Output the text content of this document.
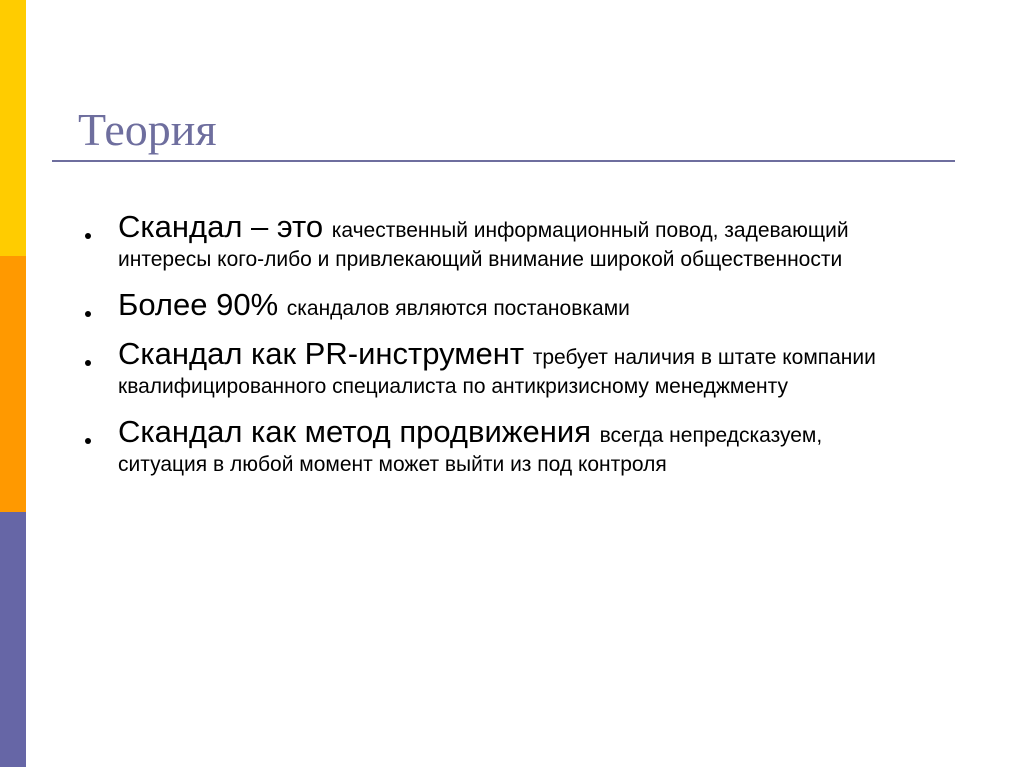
Теория
Скандал – это качественный информационный повод, задевающий интересы кого-либо и привлекающий внимание широкой общественности
Более 90% скандалов являются постановками
Скандал как PR-инструмент требует наличия в штате компании квалифицированного специалиста по антикризисному менеджменту
Скандал как метод продвижения всегда непредсказуем, ситуация в любой момент может выйти из под контроля
